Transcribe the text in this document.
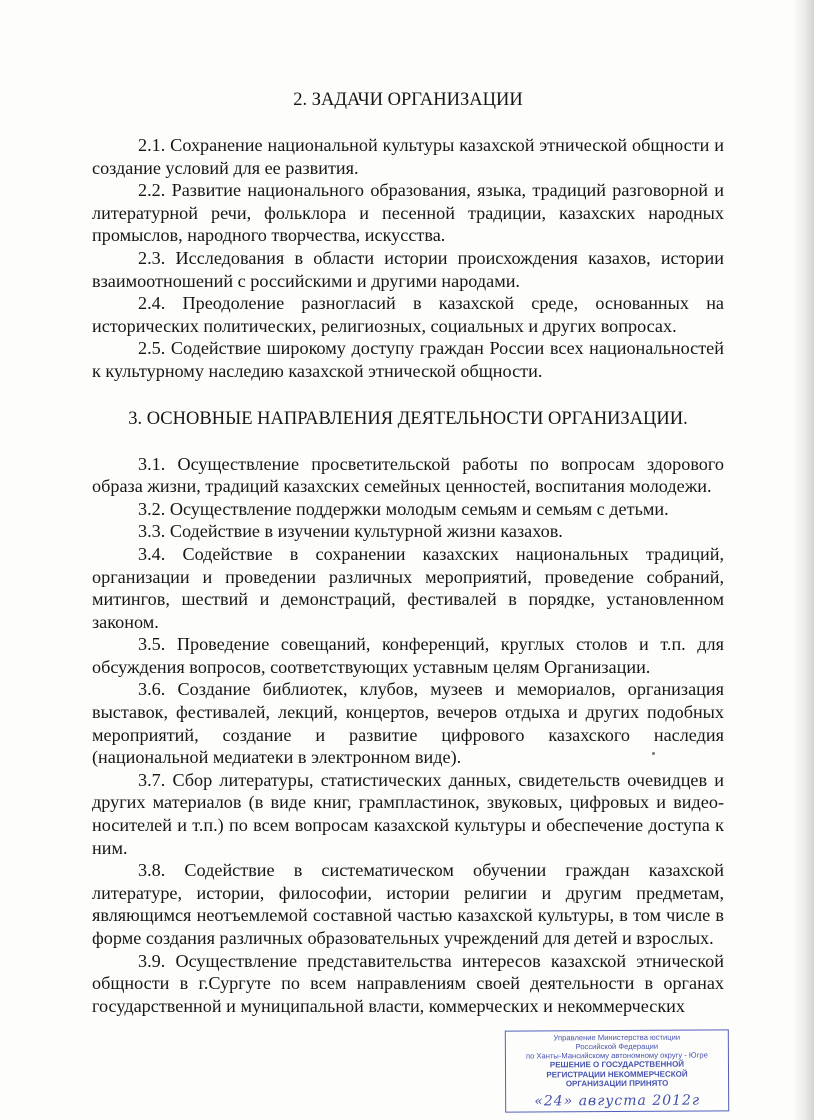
2. ЗАДАЧИ ОРГАНИЗАЦИИ

2.1. Сохранение национальной культуры казахской этнической общности и создание условий для ее развития.

2.2. Развитие национального образования, языка, традиций разговорной и литературной речи, фольклора и песенной традиции, казахских народных промыслов, народного творчества, искусства.

2.3. Исследования в области истории происхождения казахов, истории взаимоотношений с российскими и другими народами.

2.4. Преодоление разногласий в казахской среде, основанных на исторических политических, религиозных, социальных и других вопросах.

2.5. Содействие широкому доступу граждан России всех национальностей к культурному наследию казахской этнической общности.

3. ОСНОВНЫЕ НАПРАВЛЕНИЯ ДЕЯТЕЛЬНОСТИ ОРГАНИЗАЦИИ.

3.1. Осуществление просветительской работы по вопросам здорового образа жизни, традиций казахских семейных ценностей, воспитания молодежи.

3.2. Осуществление поддержки молодым семьям и семьям с детьми.

3.3. Содействие в изучении культурной жизни казахов.

3.4. Содействие в сохранении казахских национальных традиций, организации и проведении различных мероприятий, проведение собраний, митингов, шествий и демонстраций, фестивалей в порядке, установленном законом.

3.5. Проведение совещаний, конференций, круглых столов и т.п. для обсуждения вопросов, соответствующих уставным целям Организации.

3.6. Создание библиотек, клубов, музеев и мемориалов, организация выставок, фестивалей, лекций, концертов, вечеров отдыха и других подобных мероприятий, создание и развитие цифрового казахского наследия (национальной медиатеки в электронном виде).

3.7. Сбор литературы, статистических данных, свидетельств очевидцев и других материалов (в виде книг, грампластинок, звуковых, цифровых и видео-носителей и т.п.) по всем вопросам казахской культуры и обеспечение доступа к ним.

3.8. Содействие в систематическом обучении граждан казахской литературе, истории, философии, истории религии и другим предметам, являющимся неотъемлемой составной частью казахской культуры, в том числе в форме создания различных образовательных учреждений для детей и взрослых.

3.9. Осуществление представительства интересов казахской этнической общности в г.Сургуте по всем направлениям своей деятельности в органах государственной и муниципальной власти, коммерческих и некоммерческих

Управление Министерства юстиции
Российской Федерации
по Ханты-Мансийскому автономному округу - Югре
РЕШЕНИЕ О ГОСУДАРСТВЕННОЙ
РЕГИСТРАЦИИ НЕКОММЕРЧЕСКОЙ
ОРГАНИЗАЦИИ ПРИНЯТО
«24» августа 2012г
